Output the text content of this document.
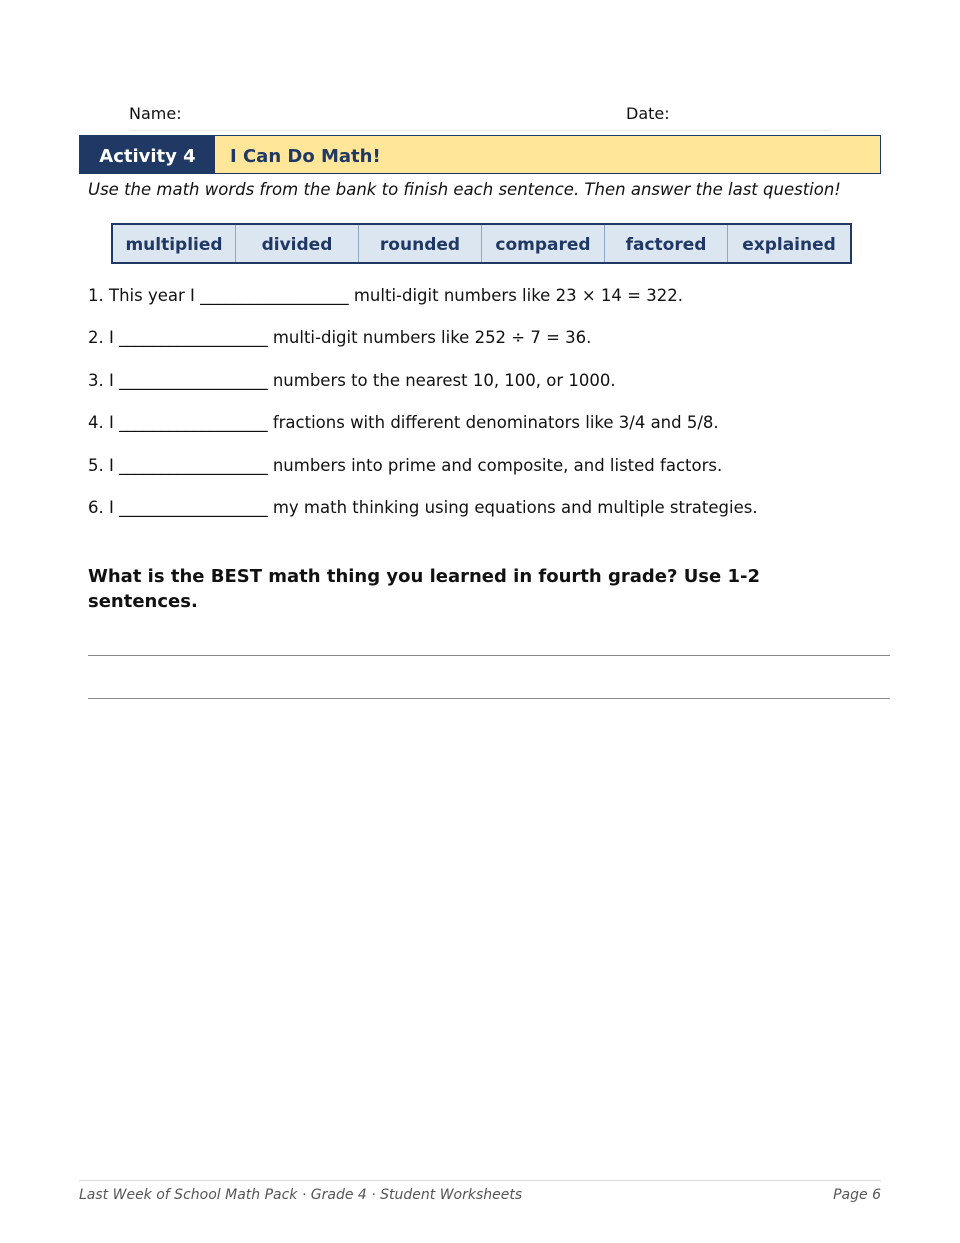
Name:	Date:
Activity 4	I Can Do Math!
Use the math words from the bank to finish each sentence. Then answer the last question!
multiplied	divided	rounded	compared	factored	explained
1. This year I __________________ multi-digit numbers like 23 × 14 = 322.
2. I __________________ multi-digit numbers like 252 ÷ 7 = 36.
3. I __________________ numbers to the nearest 10, 100, or 1000.
4. I __________________ fractions with different denominators like 3/4 and 5/8.
5. I __________________ numbers into prime and composite, and listed factors.
6. I __________________ my math thinking using equations and multiple strategies.
What is the BEST math thing you learned in fourth grade? Use 1-2 sentences.
Last Week of School Math Pack · Grade 4 · Student Worksheets	Page 6
